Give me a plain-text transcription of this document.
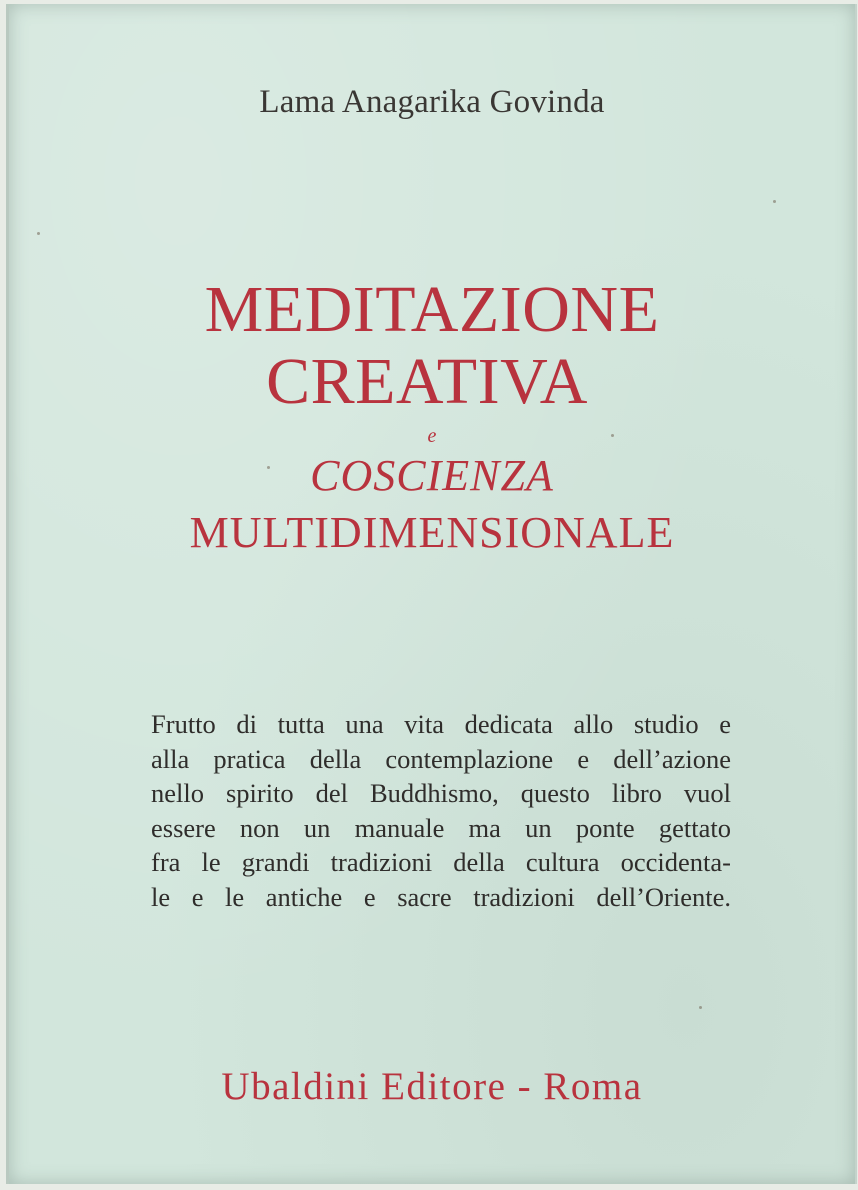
Lama Anagarika Govinda
MEDITAZIONE
CREATIVA
e
COSCIENZA
MULTIDIMENSIONALE
Frutto di tutta una vita dedicata allo studio e
alla pratica della contemplazione e dell’azione
nello spirito del Buddhismo, questo libro vuol
essere non un manuale ma un ponte gettato
fra le grandi tradizioni della cultura occidenta-
le e le antiche e sacre tradizioni dell’Oriente.
Ubaldini Editore - Roma
